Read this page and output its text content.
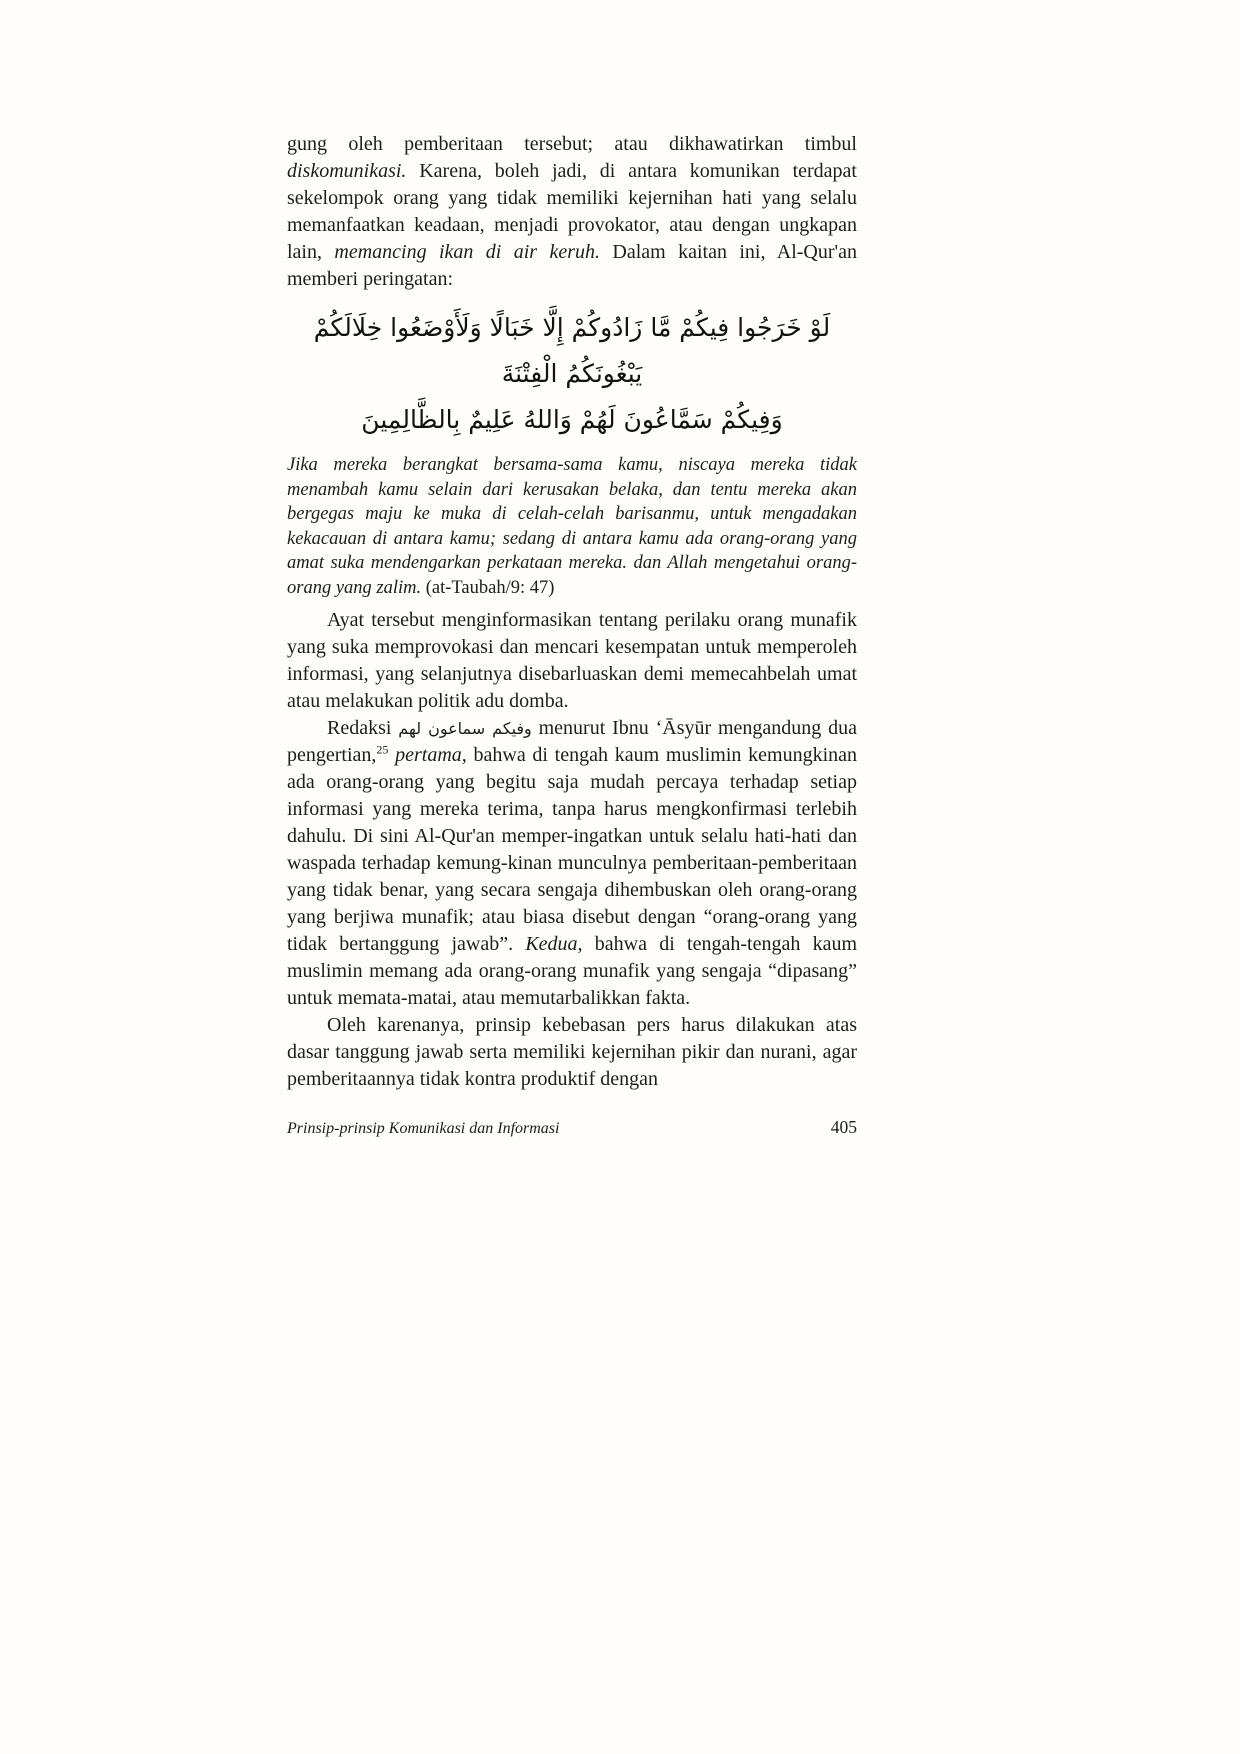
gung oleh pemberitaan tersebut; atau dikhawatirkan timbul diskomunikasi. Karena, boleh jadi, di antara komunikan terdapat sekelompok orang yang tidak memiliki kejernihan hati yang selalu memanfaatkan keadaan, menjadi provokator, atau dengan ungkapan lain, memancing ikan di air keruh. Dalam kaitan ini, Al-Qur'an memberi peringatan:

لَوْ خَرَجُوا فِيكُمْ مَّا زَادُوكُمْ إِلَّا خَبَالًا وَلَأَوْضَعُوا خِلَالَكُمْ يَبْغُونَكُمُ الْفِتْنَةَ
وَفِيكُمْ سَمَّاعُونَ لَهُمْ وَاللهُ عَلِيمٌ بِالظَّالِمِينَ

Jika mereka berangkat bersama-sama kamu, niscaya mereka tidak menambah kamu selain dari kerusakan belaka, dan tentu mereka akan bergegas maju ke muka di celah-celah barisanmu, untuk mengadakan kekacauan di antara kamu; sedang di antara kamu ada orang-orang yang amat suka mendengarkan perkataan mereka. dan Allah mengetahui orang-orang yang zalim. (at-Taubah/9: 47)

Ayat tersebut menginformasikan tentang perilaku orang munafik yang suka memprovokasi dan mencari kesempatan untuk memperoleh informasi, yang selanjutnya disebarluaskan demi memecahbelah umat atau melakukan politik adu domba.

Redaksi وفيكم سماعون لهم menurut Ibnu ‘Āsyūr mengandung dua pengertian,$^{25}$ pertama, bahwa di tengah kaum muslimin kemungkinan ada orang-orang yang begitu saja mudah percaya terhadap setiap informasi yang mereka terima, tanpa harus mengkonfirmasi terlebih dahulu. Di sini Al-Qur'an memper-ingatkan untuk selalu hati-hati dan waspada terhadap kemung-kinan munculnya pemberitaan-pemberitaan yang tidak benar, yang secara sengaja dihembuskan oleh orang-orang yang berjiwa munafik; atau biasa disebut dengan “orang-orang yang tidak bertanggung jawab”. Kedua, bahwa di tengah-tengah kaum muslimin memang ada orang-orang munafik yang sengaja “dipasang” untuk memata-matai, atau memutarbalikkan fakta.

Oleh karenanya, prinsip kebebasan pers harus dilakukan atas dasar tanggung jawab serta memiliki kejernihan pikir dan nurani, agar pemberitaannya tidak kontra produktif dengan

Prinsip-prinsip Komunikasi dan Informasi	405
